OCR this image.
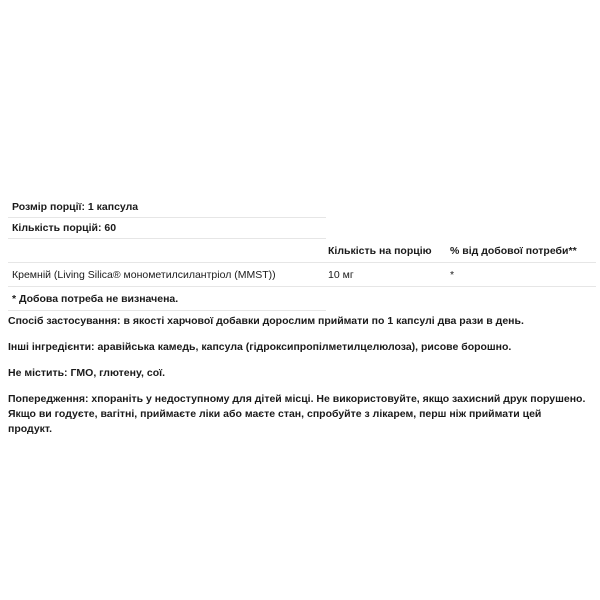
Розмір порції: 1 капсула
Кількість порцій: 60
Кількість на порцію % від добової потреби**
Кремній (Living Silica® монометилсилантріол (MMST))	10 мг	*
* Добова потреба не визначена.

Спосіб застосування: в якості харчової добавки дорослим приймати по 1 капсулі два рази в день.

Інші інгредієнти: аравійська камедь, капсула (гідроксипропілметилцелюлоза), рисове борошно.

Не містить: ГМО, глютену, сої.

Попередження: хпораніть у недоступному для дітей місці. Не використовуйте, якщо захисний друк порушено. Якщо ви годуєте, вагітні, приймаєте ліки або маєте стан, спробуйте з лікарем, перш ніж приймати цей продукт.
